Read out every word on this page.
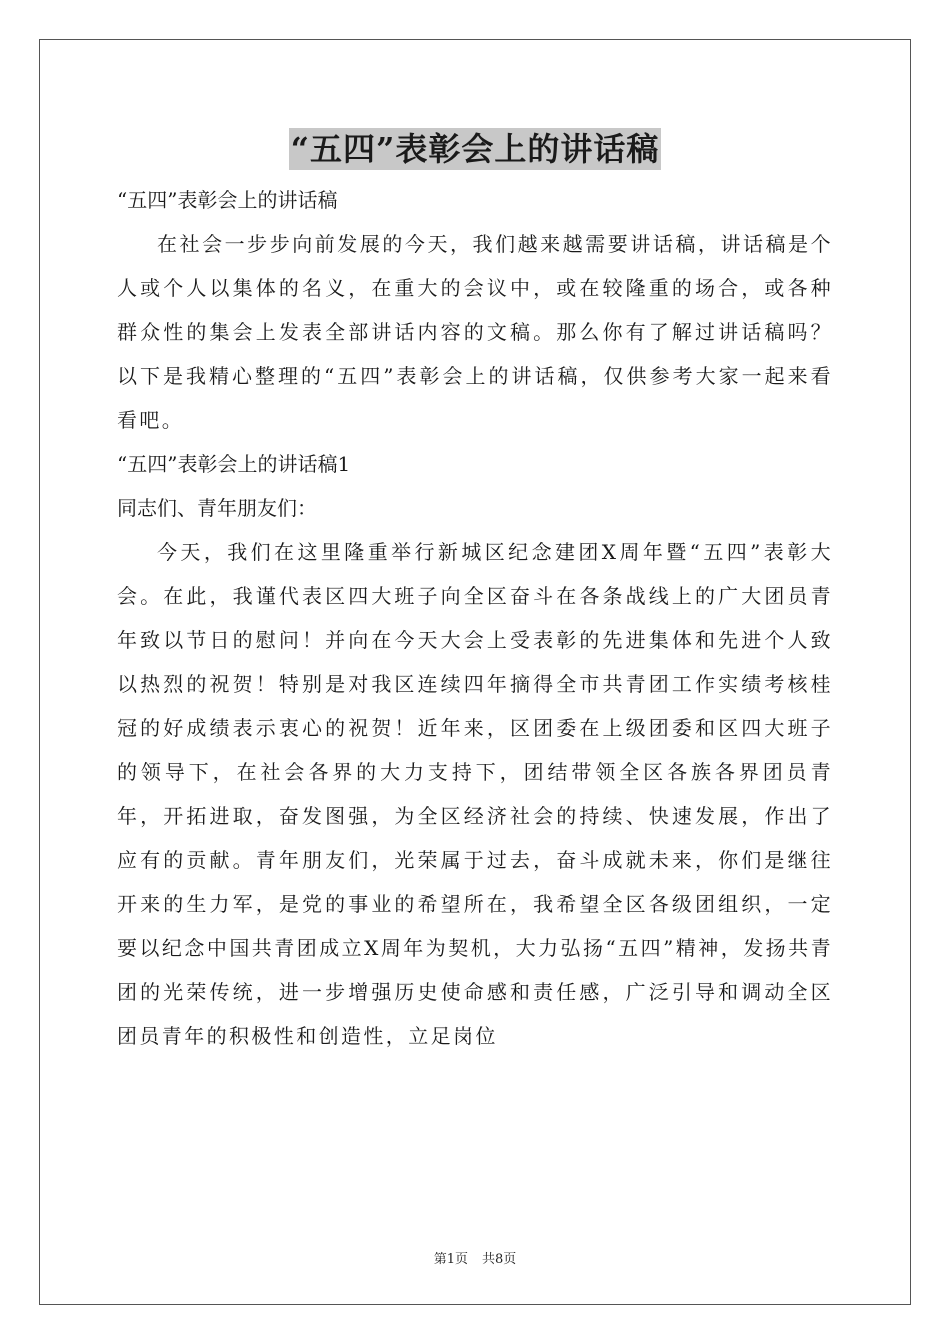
“五四”表彰会上的讲话稿

“五四”表彰会上的讲话稿

在社会一步步向前发展的今天，我们越来越需要讲话稿，讲话稿是个人或个人以集体的名义，在重大的会议中，或在较隆重的场合，或各种群众性的集会上发表全部讲话内容的文稿。那么你有了解过讲话稿吗？以下是我精心整理的“五四”表彰会上的讲话稿，仅供参考大家一起来看看吧。

“五四”表彰会上的讲话稿1

同志们、青年朋友们：

今天，我们在这里隆重举行新城区纪念建团X周年暨“五四”表彰大会。在此，我谨代表区四大班子向全区奋斗在各条战线上的广大团员青年致以节日的慰问！并向在今天大会上受表彰的先进集体和先进个人致以热烈的祝贺！特别是对我区连续四年摘得全市共青团工作实绩考核桂冠的好成绩表示衷心的祝贺！近年来，区团委在上级团委和区四大班子的领导下，在社会各界的大力支持下，团结带领全区各族各界团员青年，开拓进取，奋发图强，为全区经济社会的持续、快速发展，作出了应有的贡献。青年朋友们，光荣属于过去，奋斗成就未来，你们是继往开来的生力军，是党的事业的希望所在，我希望全区各级团组织，一定要以纪念中国共青团成立X周年为契机，大力弘扬“五四”精神，发扬共青团的光荣传统，进一步增强历史使命感和责任感，广泛引导和调动全区团员青年的积极性和创造性，立足岗位

第1页 共8页
